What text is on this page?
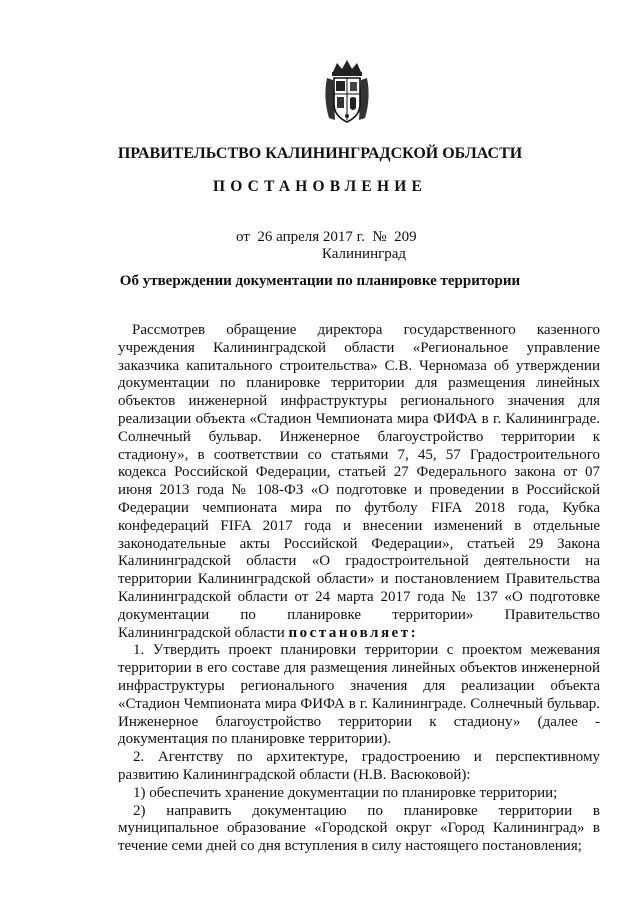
ПРАВИТЕЛЬСТВО КАЛИНИНГРАДСКОЙ ОБЛАСТИ
ПОСТАНОВЛЕНИЕ
от 26 апреля 2017 г. № 209
Калининград
Об утверждении документации по планировке территории

Рассмотрев обращение директора государственного казенного учреждения Калининградской области «Региональное управление заказчика капитального строительства» С.В. Черномаза об утверждении документации по планировке территории для размещения линейных объектов инженерной инфраструктуры регионального значения для реализации объекта «Стадион Чемпионата мира ФИФА в г. Калининграде. Солнечный бульвар. Инженерное благоустройство территории к стадиону», в соответствии со статьями 7, 45, 57 Градостроительного кодекса Российской Федерации, статьей 27 Федерального закона от 07 июня 2013 года № 108-ФЗ «О подготовке и проведении в Российской Федерации чемпионата мира по футболу FIFA 2018 года, Кубка конфедераций FIFA 2017 года и внесении изменений в отдельные законодательные акты Российской Федерации», статьей 29 Закона Калининградской области «О градостроительной деятельности на территории Калининградской области» и постановлением Правительства Калининградской области от 24 марта 2017 года № 137 «О подготовке документации по планировке территории» Правительство Калининградской области постановляет:

1. Утвердить проект планировки территории с проектом межевания территории в его составе для размещения линейных объектов инженерной инфраструктуры регионального значения для реализации объекта «Стадион Чемпионата мира ФИФА в г. Калининграде. Солнечный бульвар. Инженерное благоустройство территории к стадиону» (далее - документация по планировке территории).

2. Агентству по архитектуре, градостроению и перспективному развитию Калининградской области (Н.В. Васюковой):

1) обеспечить хранение документации по планировке территории;

2) направить документацию по планировке территории в муниципальное образование «Городской округ «Город Калининград» в течение семи дней со дня вступления в силу настоящего постановления;
